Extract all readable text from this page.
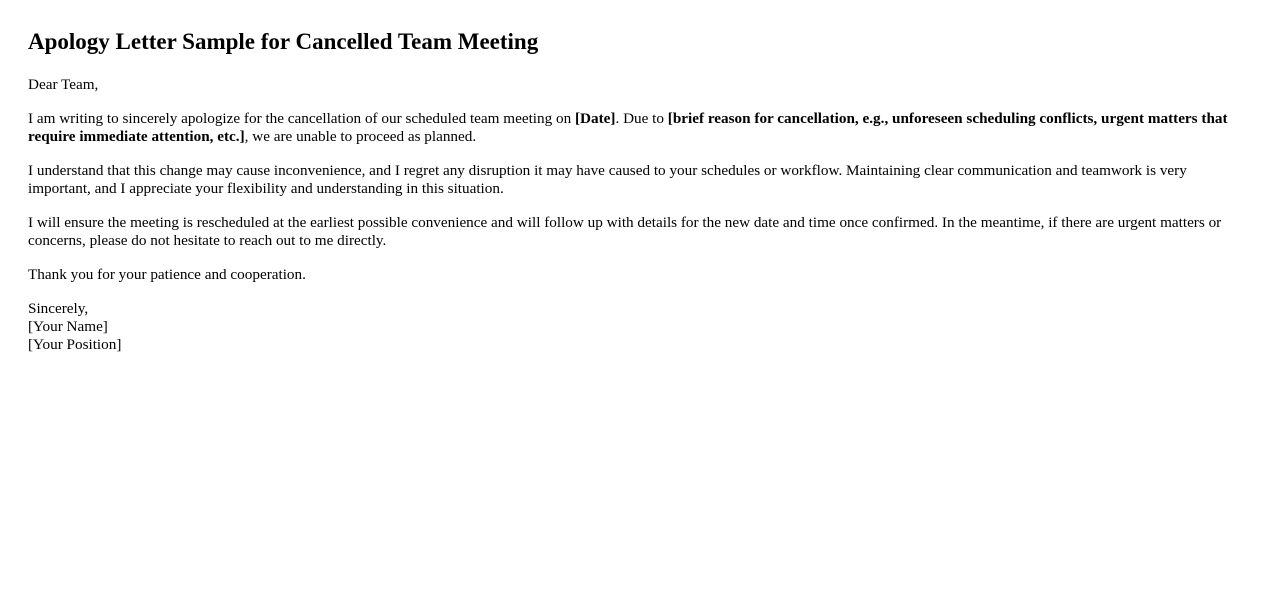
Apology Letter Sample for Cancelled Team Meeting

Dear Team,

I am writing to sincerely apologize for the cancellation of our scheduled team meeting on [Date]. Due to [brief reason for cancellation, e.g., unforeseen scheduling conflicts, urgent matters that require immediate attention, etc.], we are unable to proceed as planned.

I understand that this change may cause inconvenience, and I regret any disruption it may have caused to your schedules or workflow. Maintaining clear communication and teamwork is very important, and I appreciate your flexibility and understanding in this situation.

I will ensure the meeting is rescheduled at the earliest possible convenience and will follow up with details for the new date and time once confirmed. In the meantime, if there are urgent matters or concerns, please do not hesitate to reach out to me directly.

Thank you for your patience and cooperation.

Sincerely,

[Your Name]

[Your Position]
